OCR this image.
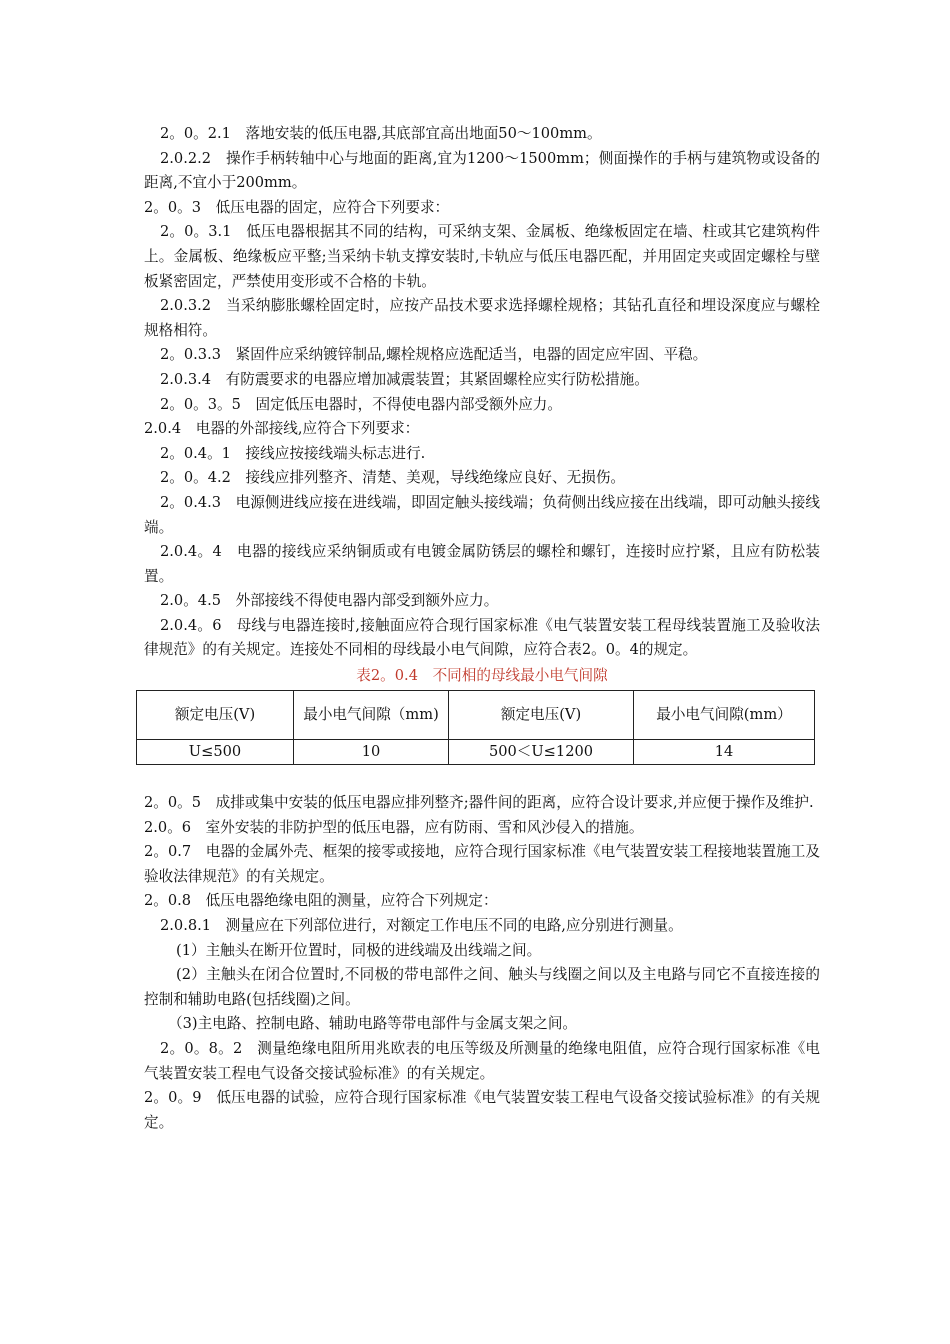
2。0。2.1　落地安装的低压电器,其底部宜高出地面50～100mm。
2.0.2.2　操作手柄转轴中心与地面的距离,宜为1200～1500mm；侧面操作的手柄与建筑物或设备的距离,不宜小于200mm。
2。0。3　低压电器的固定，应符合下列要求：
2。0。3.1　低压电器根据其不同的结构，可采纳支架、金属板、绝缘板固定在墙、柱或其它建筑构件上。金属板、绝缘板应平整;当采纳卡轨支撑安装时,卡轨应与低压电器匹配，并用固定夹或固定螺栓与壁板紧密固定，严禁使用变形或不合格的卡轨。
2.0.3.2　当采纳膨胀螺栓固定时，应按产品技术要求选择螺栓规格；其钻孔直径和埋设深度应与螺栓规格相符。
2。0.3.3　紧固件应采纳镀锌制品,螺栓规格应选配适当，电器的固定应牢固、平稳。
2.0.3.4　有防震要求的电器应增加减震装置；其紧固螺栓应实行防松措施。
2。0。3。5　固定低压电器时，不得使电器内部受额外应力。
2.0.4　电器的外部接线,应符合下列要求：
2。0.4。1　接线应按接线端头标志进行.
2。0。4.2　接线应排列整齐、清楚、美观，导线绝缘应良好、无损伤。
2。0.4.3　电源侧进线应接在进线端，即固定触头接线端；负荷侧出线应接在出线端，即可动触头接线端。
2.0.4。4　电器的接线应采纳铜质或有电镀金属防锈层的螺栓和螺钉，连接时应拧紧，且应有防松装置。
2.0。4.5　外部接线不得使电器内部受到额外应力。
2.0.4。6　母线与电器连接时,接触面应符合现行国家标准《电气装置安装工程母线装置施工及验收法律规范》的有关规定。连接处不同相的母线最小电气间隙，应符合表2。0。4的规定。
表2。0.4　不同相的母线最小电气间隙
额定电压(V)	最小电气间隙（mm)	额定电压(V)	最小电气间隙(mm）
U≤500	10	500＜U≤1200	14
2。0。5　成排或集中安装的低压电器应排列整齐;器件间的距离，应符合设计要求,并应便于操作及维护.
2.0。6　室外安装的非防护型的低压电器，应有防雨、雪和风沙侵入的措施。
2。0.7　电器的金属外壳、框架的接零或接地，应符合现行国家标准《电气装置安装工程接地装置施工及验收法律规范》的有关规定。
2。0.8　低压电器绝缘电阻的测量，应符合下列规定：
2.0.8.1　测量应在下列部位进行，对额定工作电压不同的电路,应分别进行测量。
(1）主触头在断开位置时，同极的进线端及出线端之间。
(2）主触头在闭合位置时,不同极的带电部件之间、触头与线圈之间以及主电路与同它不直接连接的控制和辅助电路(包括线圈)之间。
（3)主电路、控制电路、辅助电路等带电部件与金属支架之间。
2。0。8。2　测量绝缘电阻所用兆欧表的电压等级及所测量的绝缘电阻值，应符合现行国家标准《电气装置安装工程电气设备交接试验标准》的有关规定。
2。0。9　低压电器的试验，应符合现行国家标准《电气装置安装工程电气设备交接试验标准》的有关规定。
